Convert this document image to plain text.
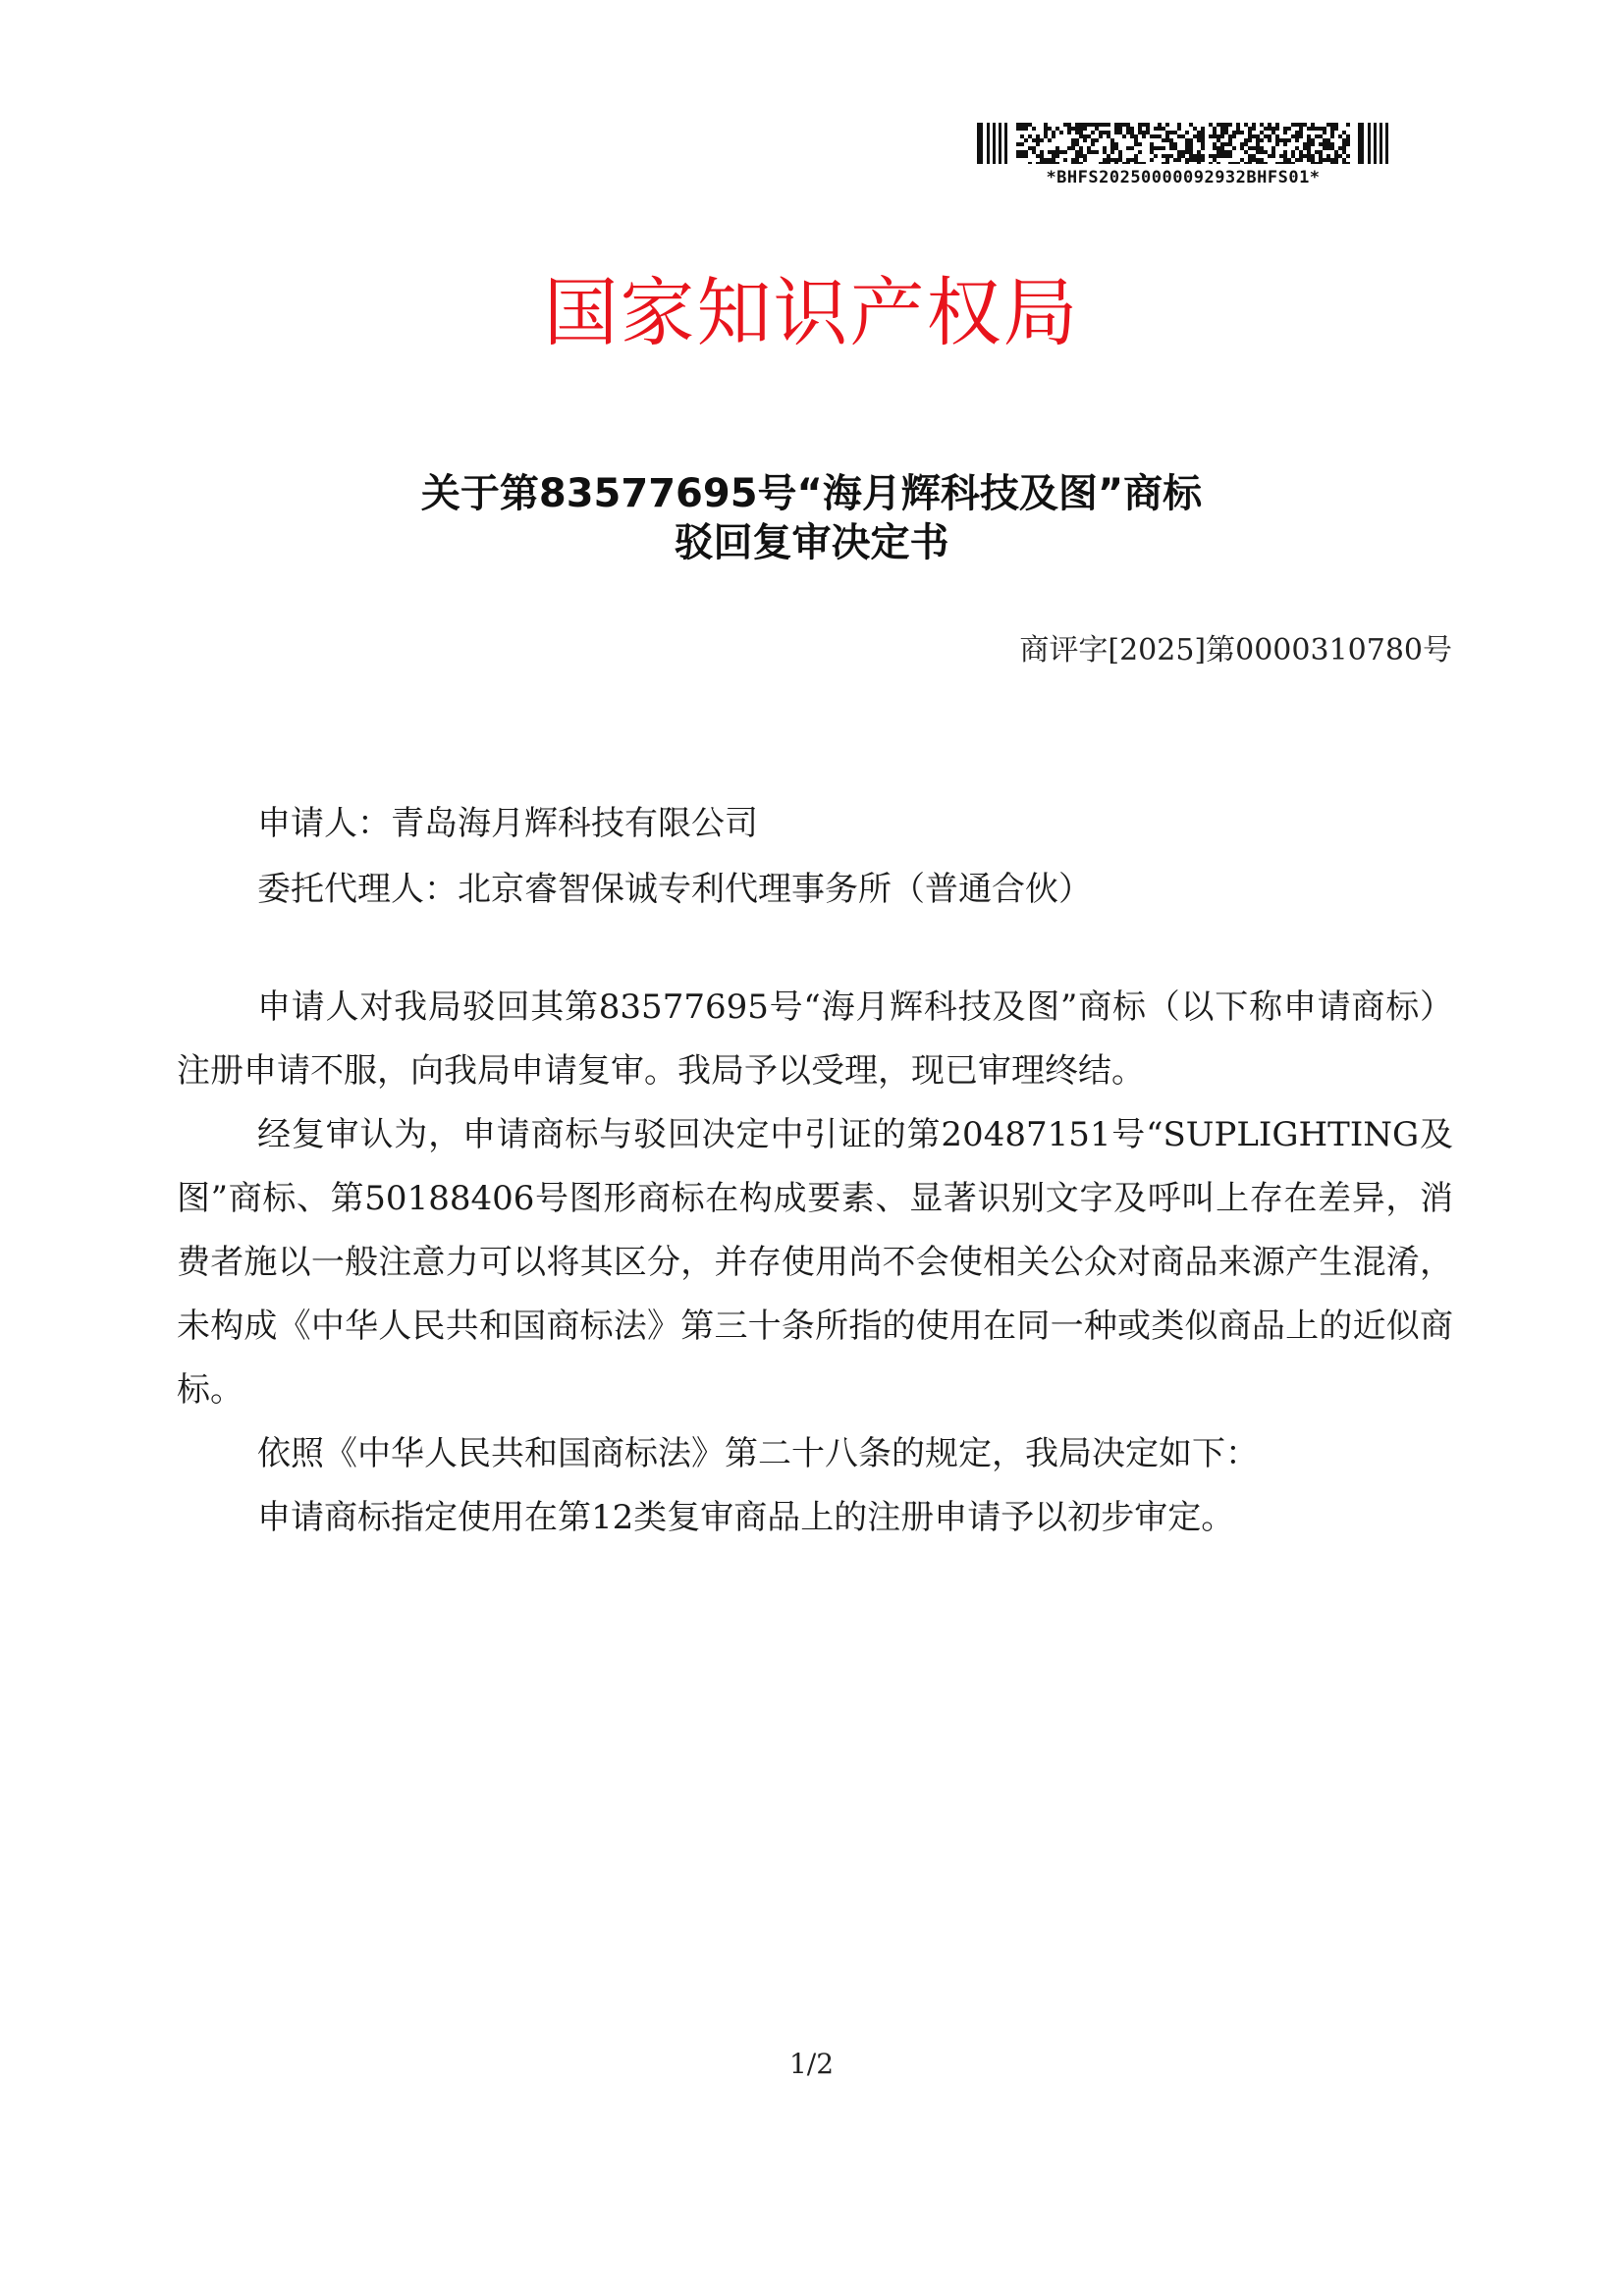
*BHFS20250000092932BHFS01*
国家知识产权局
关于第83577695号“海月辉科技及图”商标
驳回复审决定书
商评字[2025]第0000310780号
申请人：青岛海月辉科技有限公司
委托代理人：北京睿智保诚专利代理事务所（普通合伙）

申请人对我局驳回其第83577695号“海月辉科技及图”商标（以下称申请商标）注册申请不服，向我局申请复审。我局予以受理，现已审理终结。

经复审认为，申请商标与驳回决定中引证的第20487151号“SUPLIGHTING及图”商标、第50188406号图形商标在构成要素、显著识别文字及呼叫上存在差异，消费者施以一般注意力可以将其区分，并存使用尚不会使相关公众对商品来源产生混淆，未构成《中华人民共和国商标法》第三十条所指的使用在同一种或类似商品上的近似商标。

依照《中华人民共和国商标法》第二十八条的规定，我局决定如下：

申请商标指定使用在第12类复审商品上的注册申请予以初步审定。

1/2
